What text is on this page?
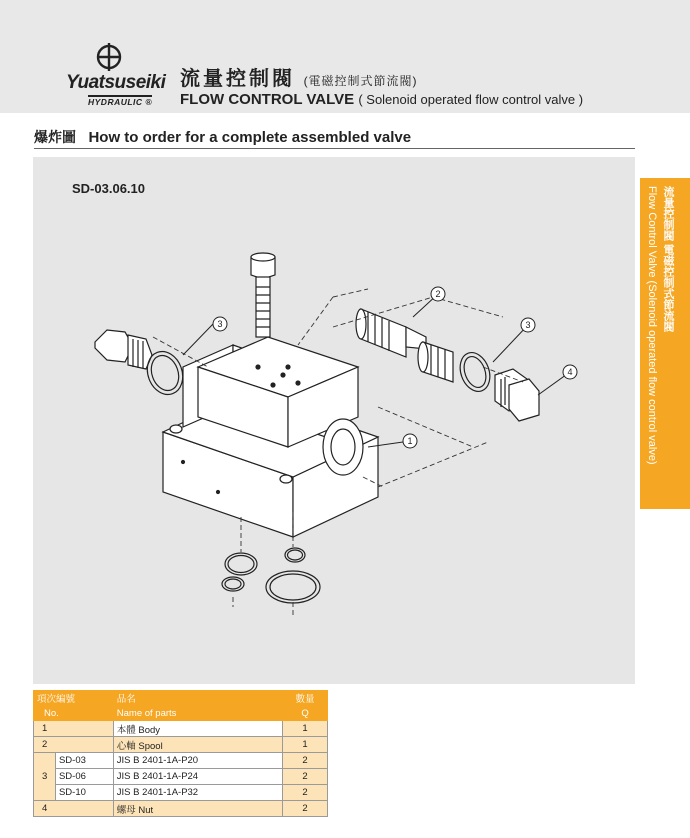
Yuatsuseiki
HYDRAULIC ®
流量控制閥 (電磁控制式節流閥)
FLOW CONTROL VALVE ( Solenoid operated flow control valve )
爆炸圖 How to order for a complete assembled valve
3
2
3
4
1
SD-03.06.10	流量控制閥 電磁控制式節流閥
Flow Control Valve (Solenoid operated flow control valve)
項次編號		品名	數量

No.		Name of parts	Q
1		本體 Body	1
2		心軸 Spool	1
3	SD-03	JIS B 2401-1A-P20	2
	SD-06	JIS B 2401-1A-P24	2
	SD-10	JIS B 2401-1A-P32	2
4		螺母 Nut	2
